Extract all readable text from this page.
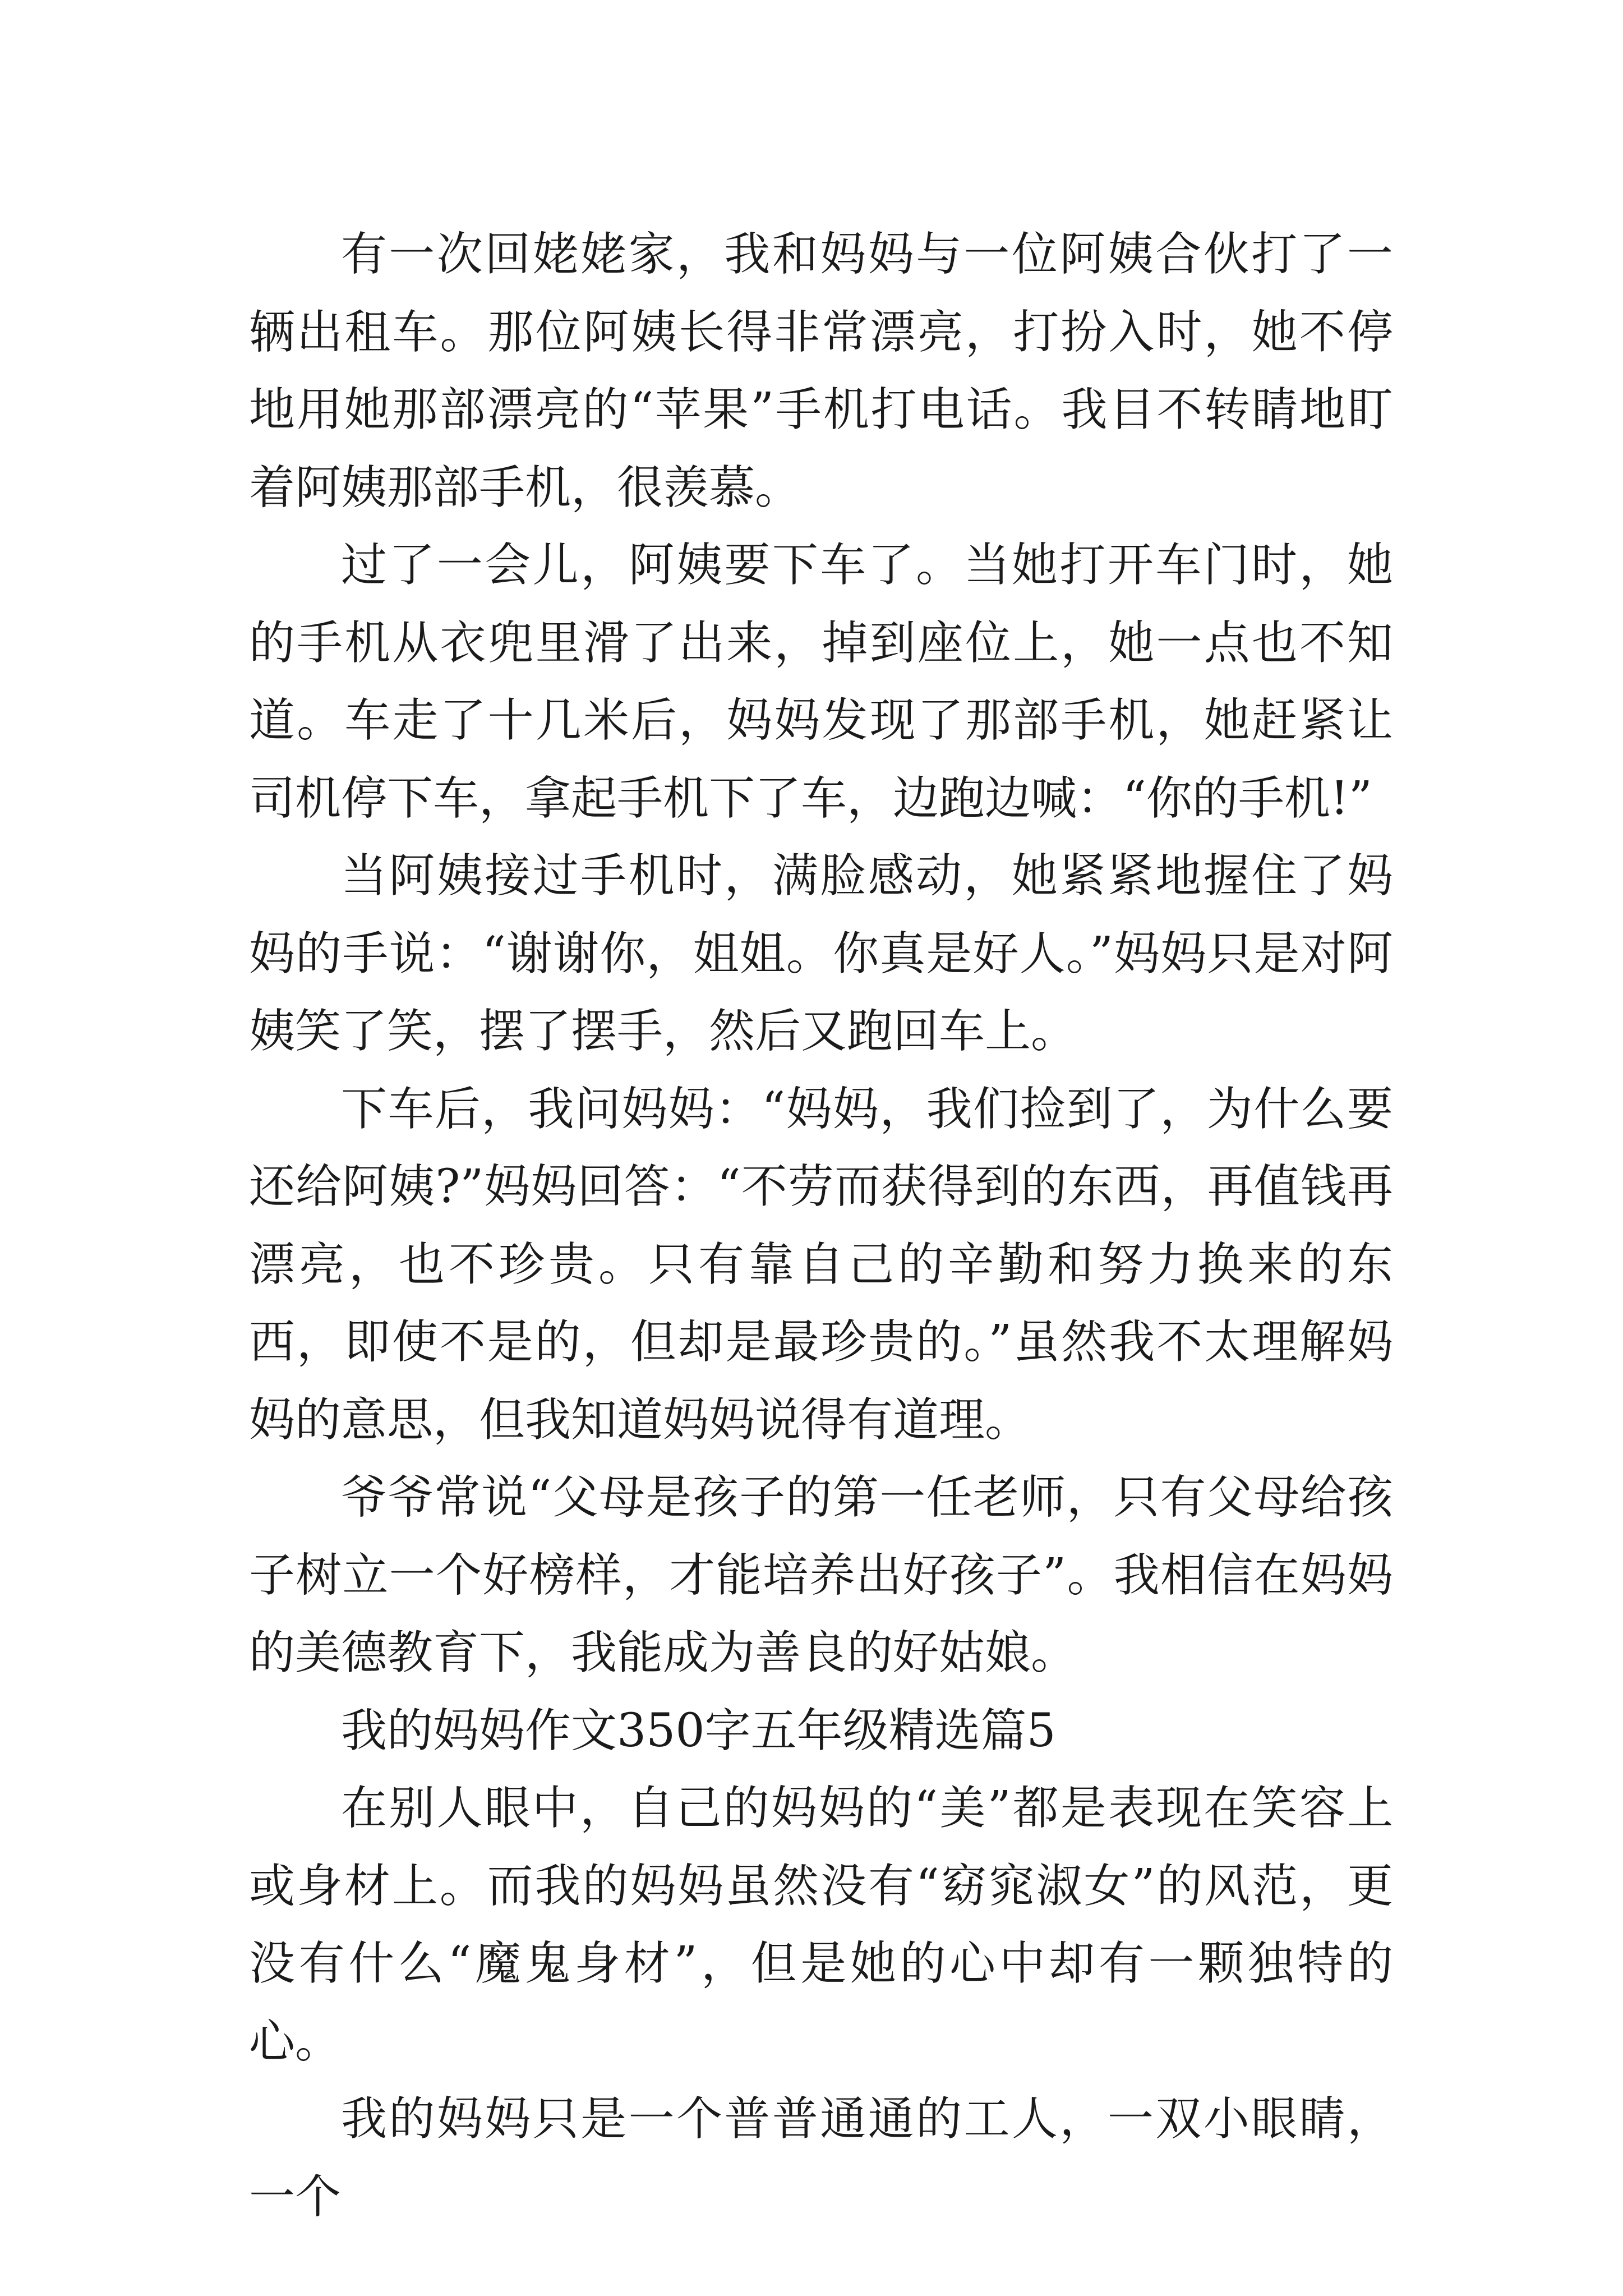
有一次回姥姥家，我和妈妈与一位阿姨合伙打了一辆出租车。那位阿姨长得非常漂亮，打扮入时，她不停地用她那部漂亮的“苹果”手机打电话。我目不转睛地盯着阿姨那部手机，很羡慕。

过了一会儿，阿姨要下车了。当她打开车门时，她的手机从衣兜里滑了出来，掉到座位上，她一点也不知道。车走了十几米后，妈妈发现了那部手机，她赶紧让司机停下车，拿起手机下了车，边跑边喊：“你的手机!”

当阿姨接过手机时，满脸感动，她紧紧地握住了妈妈的手说：“谢谢你，姐姐。你真是好人。”妈妈只是对阿姨笑了笑，摆了摆手，然后又跑回车上。

下车后，我问妈妈：“妈妈，我们捡到了，为什么要还给阿姨?”妈妈回答：“不劳而获得到的东西，再值钱再漂亮，也不珍贵。只有靠自己的辛勤和努力换来的东西，即使不是的，但却是最珍贵的。”虽然我不太理解妈妈的意思，但我知道妈妈说得有道理。

爷爷常说“父母是孩子的第一任老师，只有父母给孩子树立一个好榜样，才能培养出好孩子”。我相信在妈妈的美德教育下，我能成为善良的好姑娘。

我的妈妈作文350字五年级精选篇5

在别人眼中，自己的妈妈的“美”都是表现在笑容上或身材上。而我的妈妈虽然没有“窈窕淑女”的风范，更没有什么“魔鬼身材”，但是她的心中却有一颗独特的心。

我的妈妈只是一个普普通通的工人，一双小眼睛，一个
